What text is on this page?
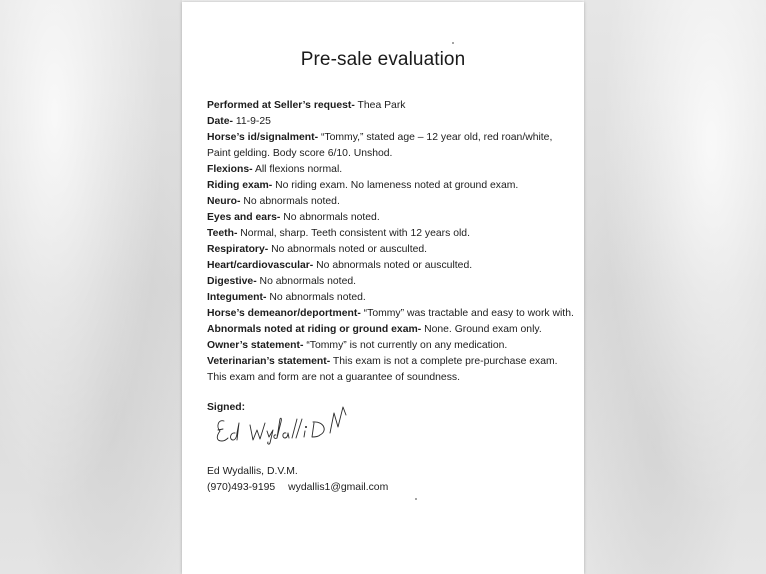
Pre-sale evaluation
Performed at Seller’s request- Thea Park
Date- 11-9-25
Horse’s id/signalment- “Tommy,” stated age – 12 year old, red roan/white, Paint gelding. Body score 6/10. Unshod.
Flexions- All flexions normal.
Riding exam- No riding exam. No lameness noted at ground exam.
Neuro- No abnormals noted.
Eyes and ears- No abnormals noted.
Teeth- Normal, sharp. Teeth consistent with 12 years old.
Respiratory- No abnormals noted or ausculted.
Heart/cardiovascular- No abnormals noted or ausculted.
Digestive- No abnormals noted.
Integument- No abnormals noted.
Horse’s demeanor/deportment- “Tommy” was tractable and easy to work with.
Abnormals noted at riding or ground exam- None. Ground exam only.
Owner’s statement- “Tommy” is not currently on any medication.
Veterinarian’s statement- This exam is not a complete pre-purchase exam. This exam and form are not a guarantee of soundness.
Signed:
Ed Wydallis, D.V.M.
(970)493-9195 wydallis1@gmail.com
